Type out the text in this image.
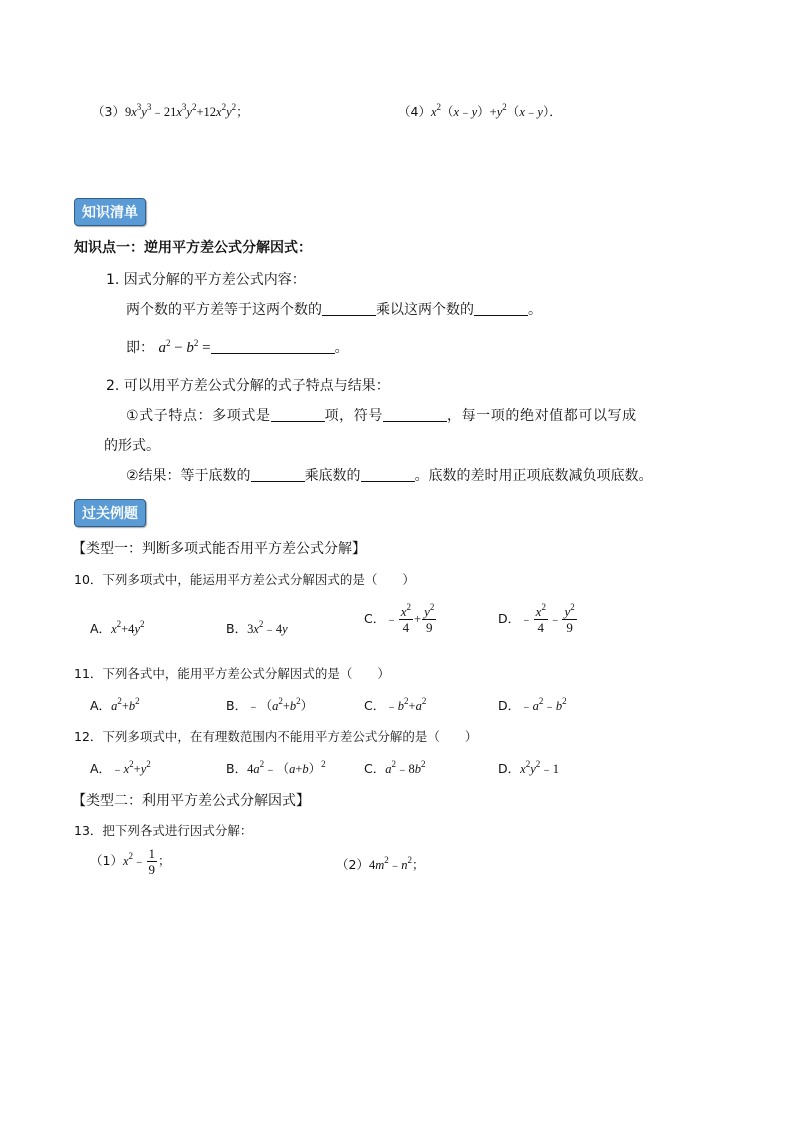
$(3)9x^3y^3﹣21x^3y^2+12x^2y^2$；	$(4)x^2(x﹣y)+y^2(x﹣y)$．
知识清单
知识点一：逆用平方差公式分解因式：
1. 因式分解的平方差公式内容：
两个数的平方差等于这两个数的	乘以这两个数的	。
即： $a^2 - b^2$ =	。
2. 可以用平方差公式分解的式子特点与结果：
①式子特点：多项式是	项，符号	，每一项的绝对值都可以写成
的形式。
②结果：等于底数的	乘底数的	。底数的差时用正项底数减负项底数。
过关例题
【类型一：判断多项式能否用平方差公式分解】
10．下列多项式中，能运用平方差公式分解因式的是（　　）
A．$x^2+4y^2$	B．$3x^2﹣4y$
C．﹣ $\frac{x^2}{4} + \frac{y^2}{9}$	D．﹣ $\frac{x^2}{4}$ ﹣ $\frac{y^2}{9}$
11．下列各式中，能用平方差公式分解因式的是（　　）
A．$a^2+b^2$	B．$﹣(a^2+b^2)$	C．$﹣b^2+a^2$	D．$﹣a^2﹣b^2$
12．下列多项式中，在有理数范围内不能用平方差公式分解的是（　　）
A．$﹣x^2+y^2$	B．$4a^2﹣(a+b)^2$	C．$a^2﹣8b^2$	D．$x^2y^2﹣1$
【类型二：利用平方差公式分解因式】
13．把下列各式进行因式分解：
$(1)x^2﹣ \frac{1}{9}$ ；	$(2)4m^2﹣n^2$；
